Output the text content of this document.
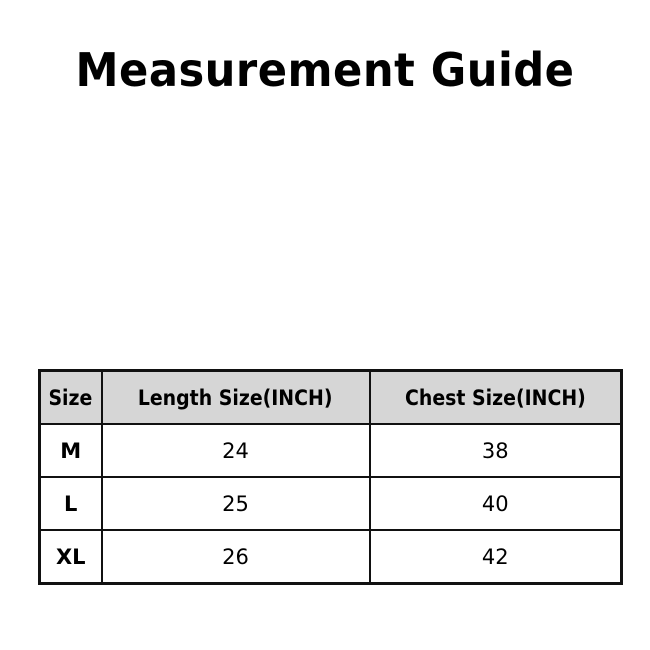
Measurement Guide
Size	Length Size(INCH)	Chest Size(INCH)
M	24	38
L	25	40
XL	26	42
